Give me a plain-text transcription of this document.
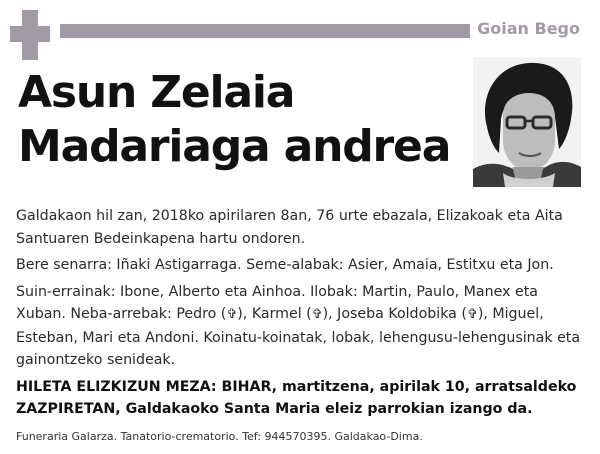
Goian Bego
Asun Zelaia
Madariaga andrea

Galdakaon hil zan, 2018ko apirilaren 8an, 76 urte ebazala, Elizakoak eta Aita Santuaren Bedeinkapena hartu ondoren.

Bere senarra: Iñaki Astigarraga. Seme-alabak: Asier, Amaia, Estitxu eta Jon.

Suin-errainak: Ibone, Alberto eta Ainhoa. Ilobak: Martin, Paulo, Manex eta Xuban. Neba-arrebak: Pedro (✞), Karmel (✞), Joseba Koldobika (✞), Miguel, Esteban, Mari eta Andoni. Koinatu-koinatak, lobak, lehengusu-lehengusinak eta gainontzeko senideak.

HILETA ELIZKIZUN MEZA: BIHAR, martitzena, apirilak 10, arratsaldeko ZAZPIRETAN, Galdakaoko Santa Maria eleiz parrokian izango da.

Funeraria Galarza. Tanatorio-crematorio. Tef: 944570395. Galdakao-Dima.
